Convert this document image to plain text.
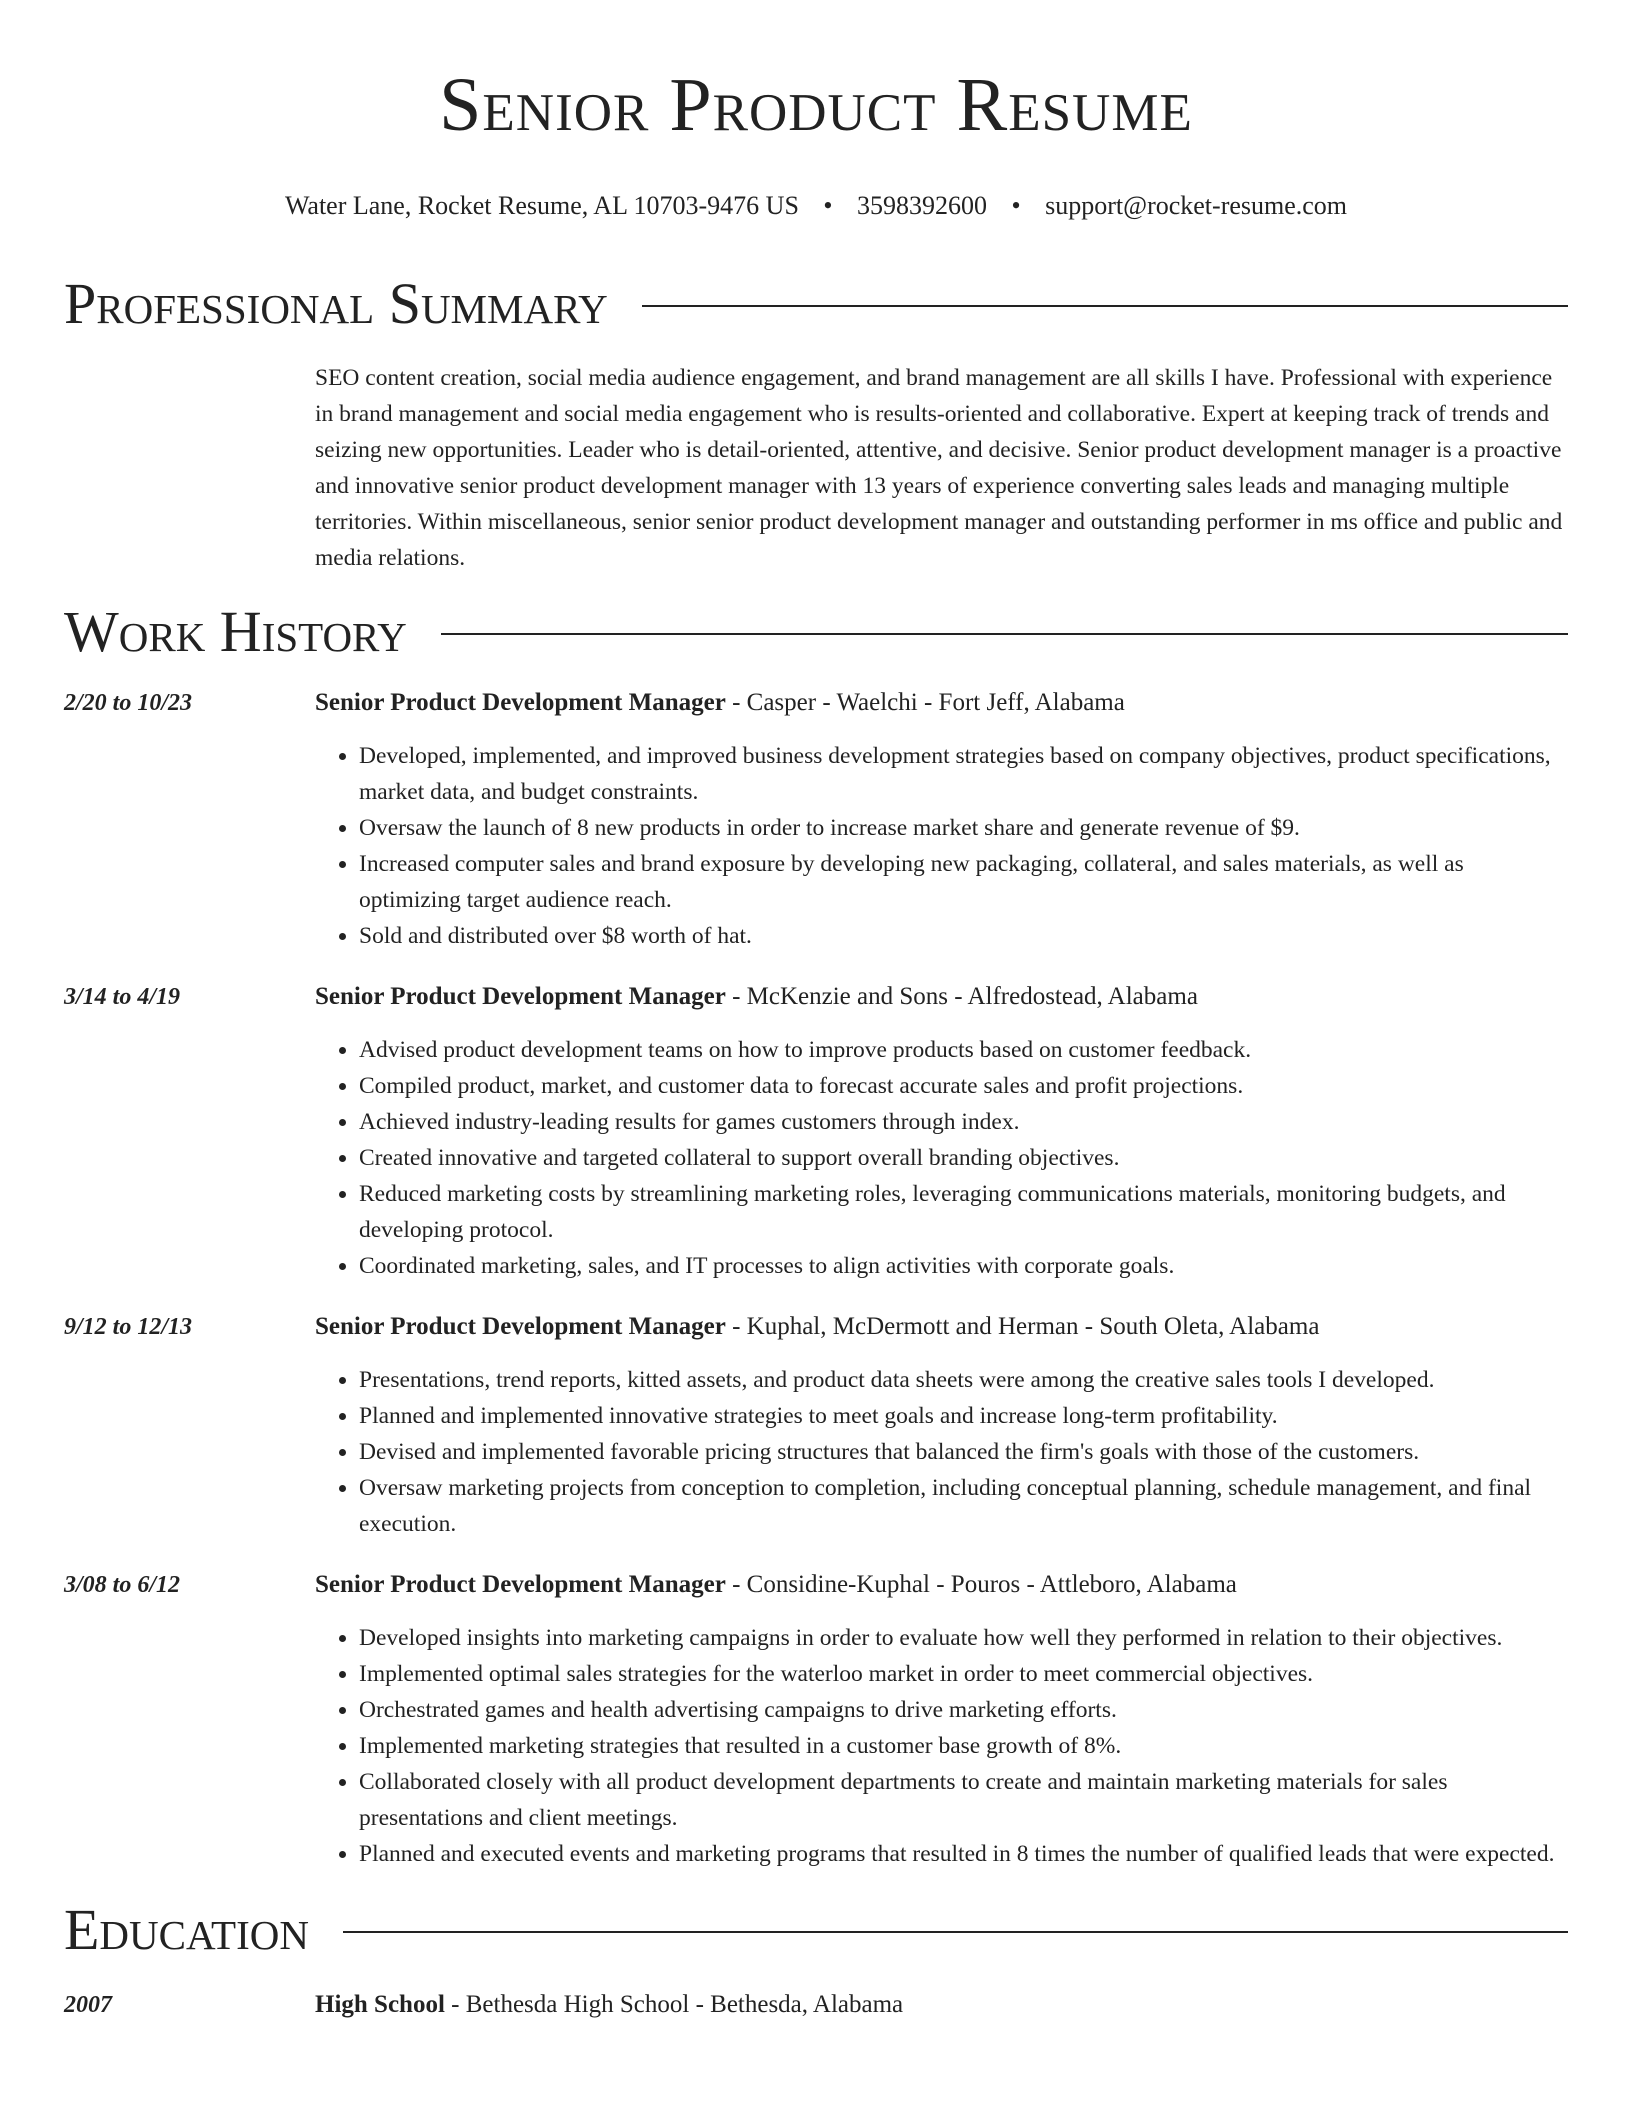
Senior Product Resume
Water Lane, Rocket Resume, AL 10703-9476 US • 3598392600 • support@rocket-resume.com
Professional Summary
SEO content creation, social media audience engagement, and brand management are all skills I have. Professional with experience in brand management and social media engagement who is results-oriented and collaborative. Expert at keeping track of trends and seizing new opportunities. Leader who is detail-oriented, attentive, and decisive. Senior product development manager is a proactive and innovative senior product development manager with 13 years of experience converting sales leads and managing multiple territories. Within miscellaneous, senior senior product development manager and outstanding performer in ms office and public and media relations.
Work History
2/20 to 10/23	Senior Product Development Manager - Casper - Waelchi - Fort Jeff, Alabama
• Developed, implemented, and improved business development strategies based on company objectives, product specifications, market data, and budget constraints.
• Oversaw the launch of 8 new products in order to increase market share and generate revenue of $9.
• Increased computer sales and brand exposure by developing new packaging, collateral, and sales materials, as well as optimizing target audience reach.
• Sold and distributed over $8 worth of hat.
3/14 to 4/19	Senior Product Development Manager - McKenzie and Sons - Alfredostead, Alabama
• Advised product development teams on how to improve products based on customer feedback.
• Compiled product, market, and customer data to forecast accurate sales and profit projections.
• Achieved industry-leading results for games customers through index.
• Created innovative and targeted collateral to support overall branding objectives.
• Reduced marketing costs by streamlining marketing roles, leveraging communications materials, monitoring budgets, and developing protocol.
• Coordinated marketing, sales, and IT processes to align activities with corporate goals.
9/12 to 12/13	Senior Product Development Manager - Kuphal, McDermott and Herman - South Oleta, Alabama
• Presentations, trend reports, kitted assets, and product data sheets were among the creative sales tools I developed.
• Planned and implemented innovative strategies to meet goals and increase long-term profitability.
• Devised and implemented favorable pricing structures that balanced the firm's goals with those of the customers.
• Oversaw marketing projects from conception to completion, including conceptual planning, schedule management, and final execution.
3/08 to 6/12	Senior Product Development Manager - Considine-Kuphal - Pouros - Attleboro, Alabama
• Developed insights into marketing campaigns in order to evaluate how well they performed in relation to their objectives.
• Implemented optimal sales strategies for the waterloo market in order to meet commercial objectives.
• Orchestrated games and health advertising campaigns to drive marketing efforts.
• Implemented marketing strategies that resulted in a customer base growth of 8%.
• Collaborated closely with all product development departments to create and maintain marketing materials for sales presentations and client meetings.
• Planned and executed events and marketing programs that resulted in 8 times the number of qualified leads that were expected.
Education
2007	High School - Bethesda High School - Bethesda, Alabama
